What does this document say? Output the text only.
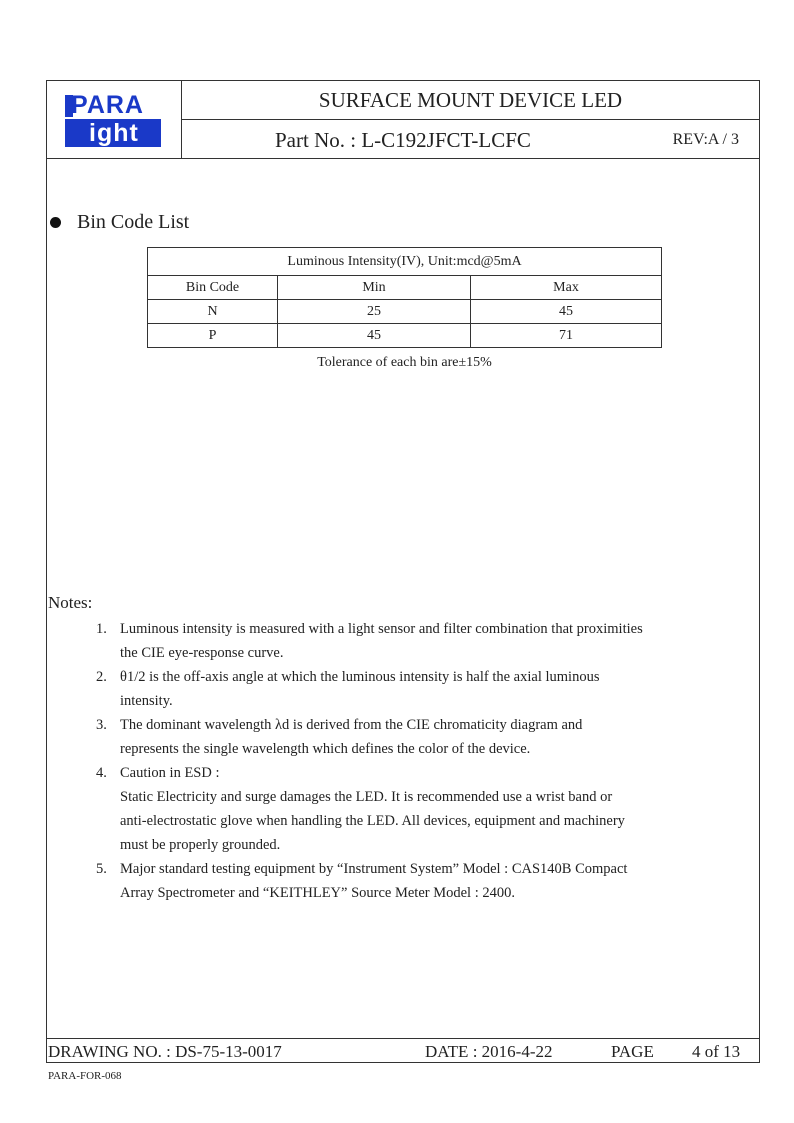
PARA
ight
SURFACE MOUNT DEVICE LED
Part No. : L-C192JFCT-LCFC	REV:A / 3
Bin Code List
Luminous Intensity(IV), Unit:mcd@5mA		
Bin Code	Min	Max
N	25	45
P	45	71
Tolerance of each bin are±15%
Notes:
1. Luminous intensity is measured with a light sensor and filter combination that proximities
the CIE eye-response curve.
2. θ1/2 is the off-axis angle at which the luminous intensity is half the axial luminous
intensity.
3. The dominant wavelength λd is derived from the CIE chromaticity diagram and
represents the single wavelength which defines the color of the device.
4. Caution in ESD :
Static Electricity and surge damages the LED. It is recommended use a wrist band or
anti-electrostatic glove when handling the LED. All devices, equipment and machinery
must be properly grounded.
5. Major standard testing equipment by “Instrument System” Model : CAS140B Compact
Array Spectrometer and “KEITHLEY” Source Meter Model : 2400.
DRAWING NO. : DS-75-13-0017	DATE : 2016-4-22	PAGE 4 of 13
PARA-FOR-068
